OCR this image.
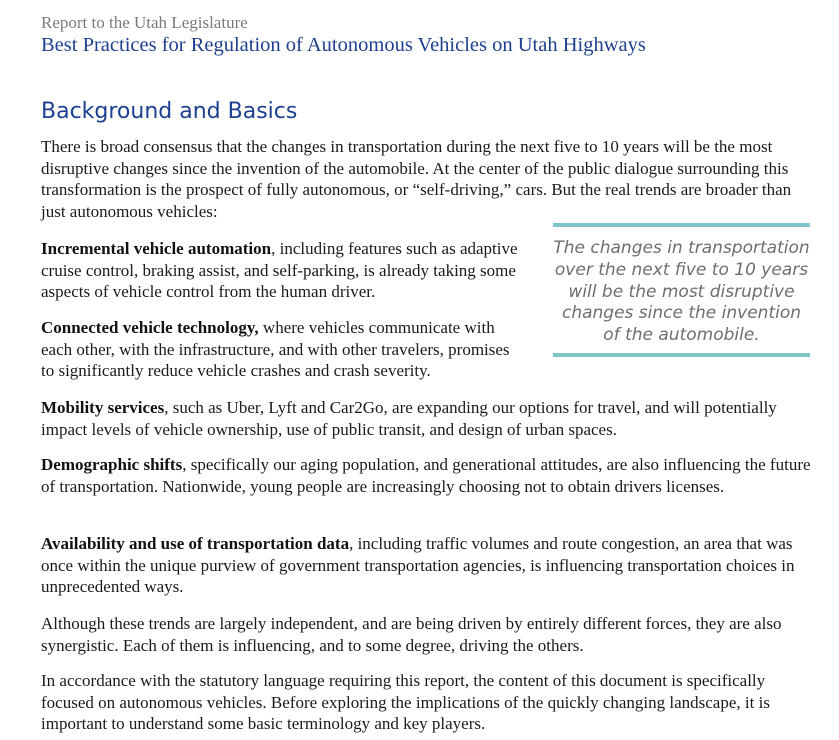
Report to the Utah Legislature
Best Practices for Regulation of Autonomous Vehicles on Utah Highways
Background and Basics

There is broad consensus that the changes in transportation during the next five to 10 years will be the most disruptive changes since the invention of the automobile. At the center of the public dialogue surrounding this transformation is the prospect of fully autonomous, or “self-driving,” cars. But the real trends are broader than just autonomous vehicles:

Incremental vehicle automation, including features such as adaptive cruise control, braking assist, and self-parking, is already taking some aspects of vehicle control from the human driver.

Connected vehicle technology, where vehicles communicate with each other, with the infrastructure, and with other travelers, promises to significantly reduce vehicle crashes and crash severity.

Mobility services, such as Uber, Lyft and Car2Go, are expanding our options for travel, and will potentially impact levels of vehicle ownership, use of public transit, and design of urban spaces.

Demographic shifts, specifically our aging population, and generational attitudes, are also influencing the future of transportation. Nationwide, young people are increasingly choosing not to obtain drivers licenses.

Availability and use of transportation data, including traffic volumes and route congestion, an area that was once within the unique purview of government transportation agencies, is influencing transportation choices in unprecedented ways.

Although these trends are largely independent, and are being driven by entirely different forces, they are also synergistic. Each of them is influencing, and to some degree, driving the others.

In accordance with the statutory language requiring this report, the content of this document is specifically focused on autonomous vehicles. Before exploring the implications of the quickly changing landscape, it is important to understand some basic terminology and key players.

The changes in transportation over the next five to 10 years will be the most disruptive changes since the invention of the automobile.
